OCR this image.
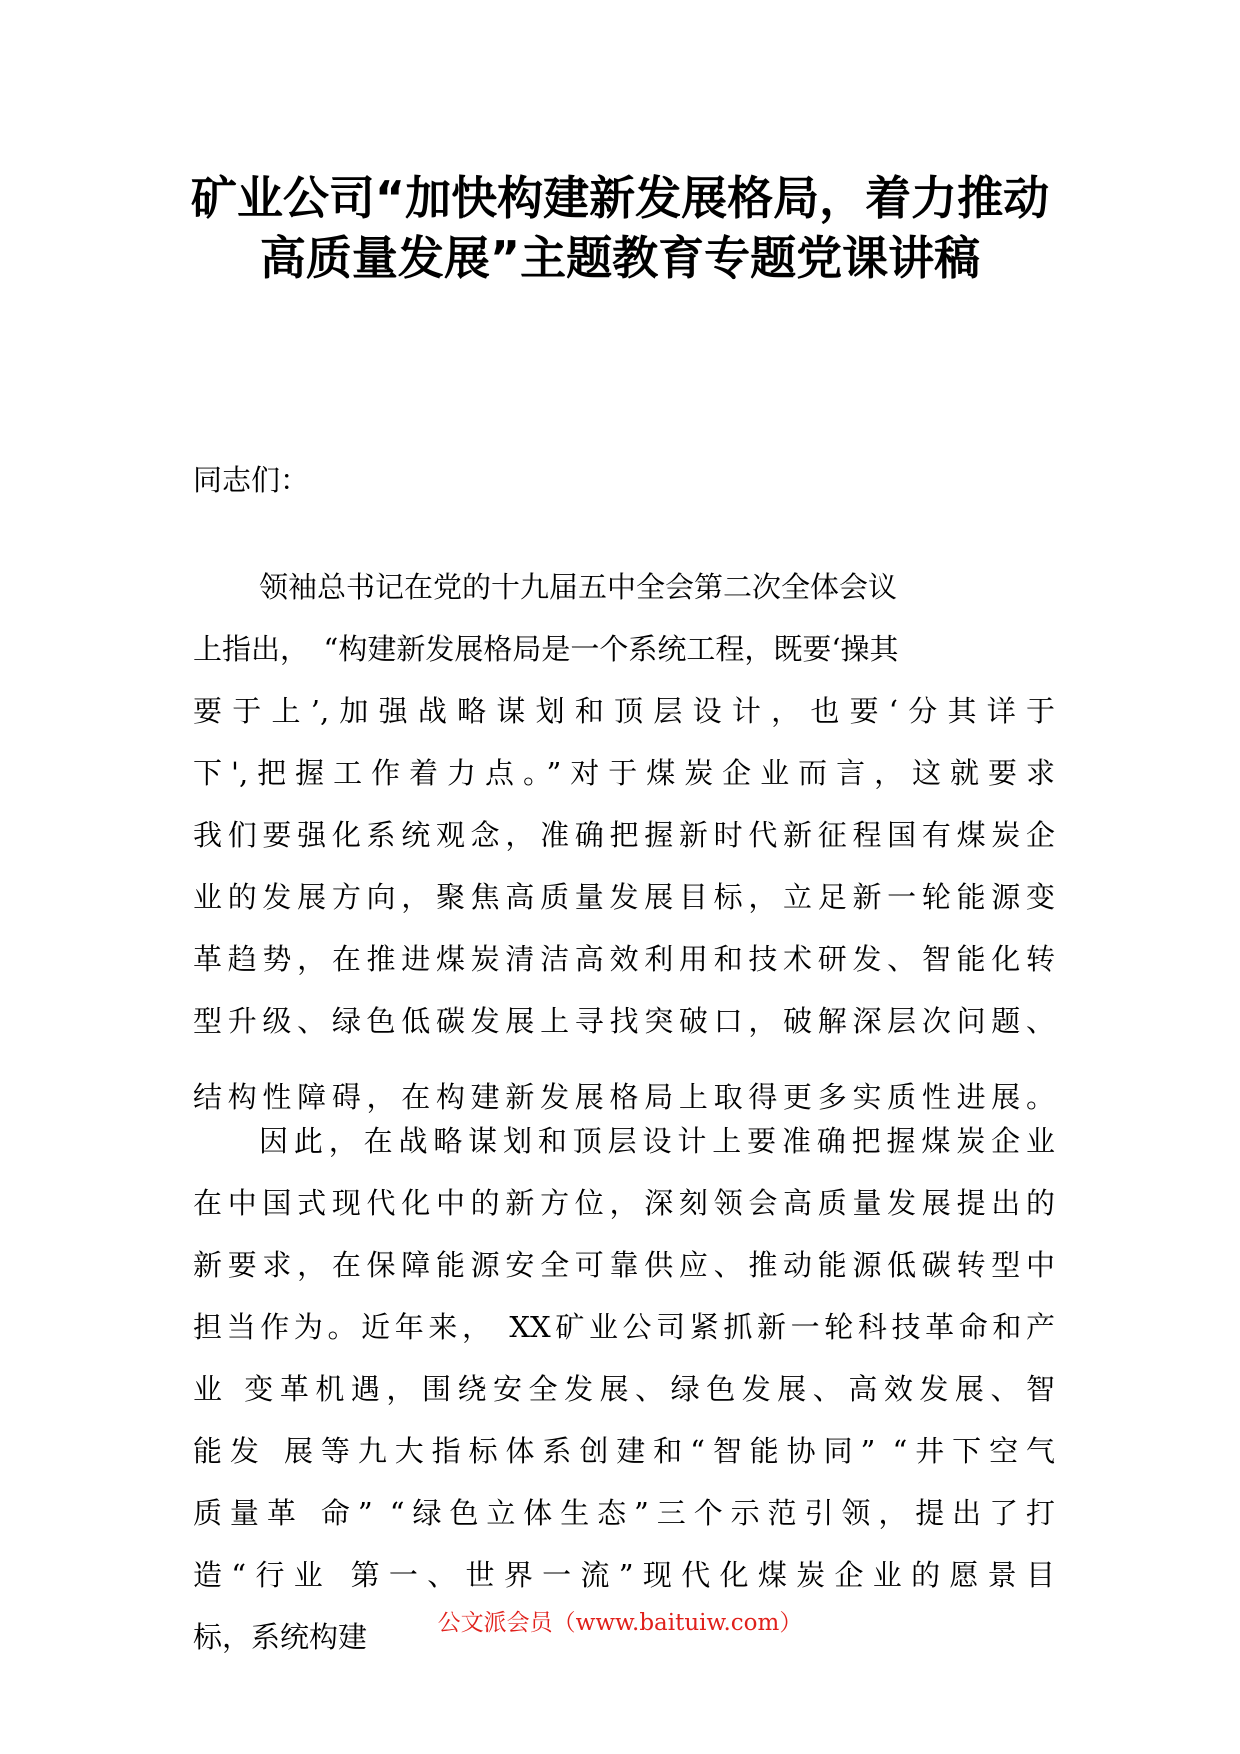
矿业公司“加快构建新发展格局，着力推动
高质量发展”主题教育专题党课讲稿
同志们：
领袖总书记在党的十九届五中全会第二次全体会议
上指出，　“构建新发展格局是一个系统工程，既要‘操其
要于上’,加强战略谋划和顶层设计，也要‘分其详于
下',把握工作着力点。”对于煤炭企业而言，这就要求
我们要强化系统观念，准确把握新时代新征程国有煤炭企
业的发展方向，聚焦高质量发展目标，立足新一轮能源变
革趋势，在推进煤炭清洁高效利用和技术研发、智能化转
型升级、绿色低碳发展上寻找突破口，破解深层次问题、
结构性障碍，在构建新发展格局上取得更多实质性进展。
因此，在战略谋划和顶层设计上要准确把握煤炭企业
在中国式现代化中的新方位，深刻领会高质量发展提出的
新要求，在保障能源安全可靠供应、推动能源低碳转型中
担当作为。近年来， XX矿业公司紧抓新一轮科技革命和产
业 变革机遇，围绕安全发展、绿色发展、高效发展、智
能发 展等九大指标体系创建和“智能协同” “井下空气
质量革 命” “绿色立体生态”三个示范引领，提出了打
造“行业 第一、世界一流”现代化煤炭企业的愿景目
标，系统构建	公文派会员（www.baituiw.com）
